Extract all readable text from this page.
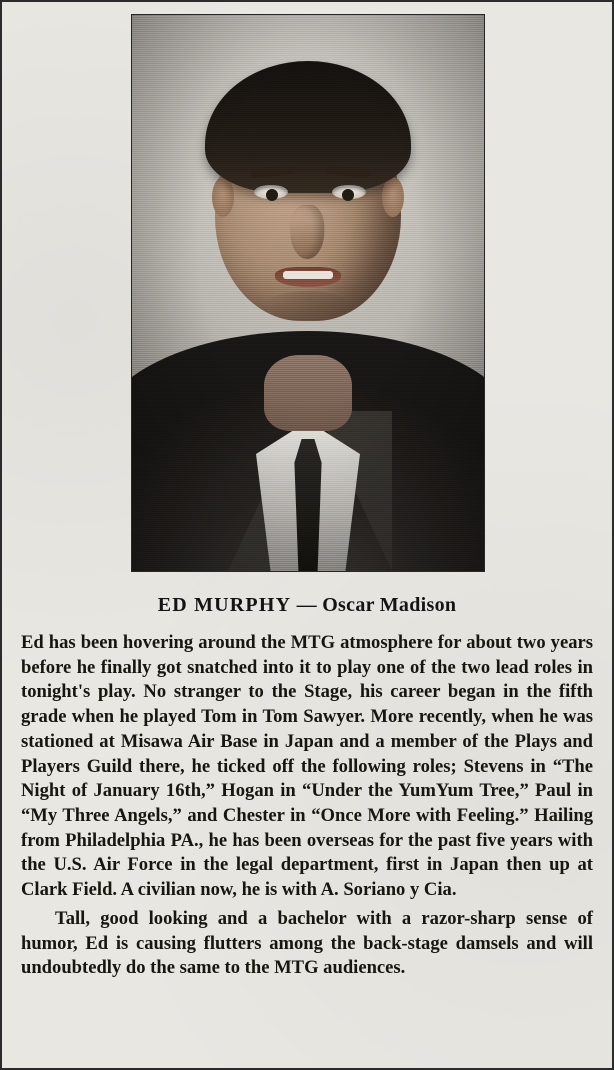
ED MURPHY — Oscar Madison

Ed has been hovering around the MTG atmosphere for about two years before he finally got snatched into it to play one of the two lead roles in tonight's play. No stranger to the Stage, his career began in the fifth grade when he played Tom in Tom Sawyer. More recently, when he was stationed at Misawa Air Base in Japan and a member of the Plays and Players Guild there, he ticked off the following roles; Stevens in “The Night of January 16th,” Hogan in “Under the YumYum Tree,” Paul in “My Three Angels,” and Chester in “Once More with Feeling.” Hailing from Philadelphia PA., he has been overseas for the past five years with the U.S. Air Force in the legal department, first in Japan then up at Clark Field. A civilian now, he is with A. Soriano y Cia.

Tall, good looking and a bachelor with a razor-sharp sense of humor, Ed is causing flutters among the back-stage damsels and will undoubtedly do the same to the MTG audiences.
